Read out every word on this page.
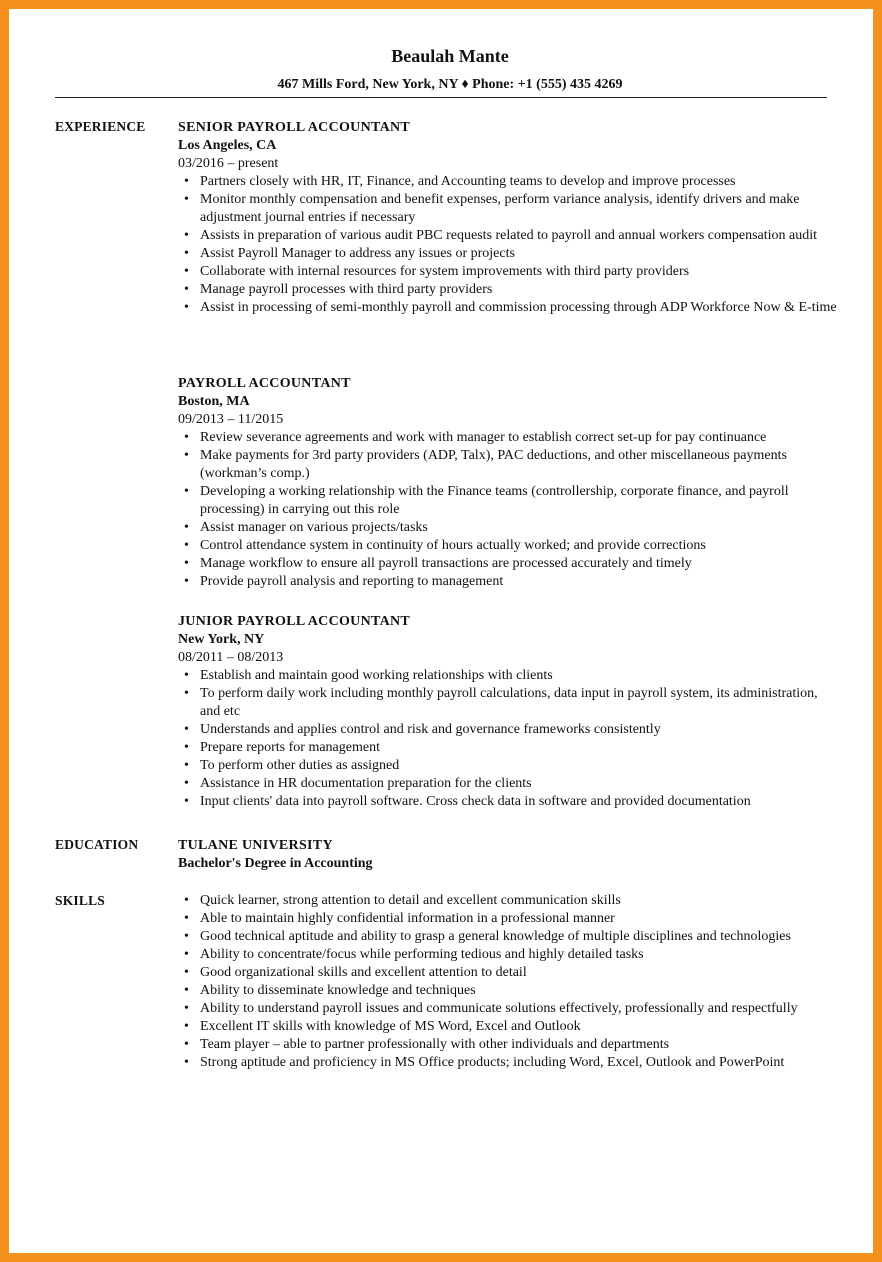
Beaulah Mante
467 Mills Ford, New York, NY ♦ Phone: +1 (555) 435 4269
EXPERIENCE SENIOR PAYROLL ACCOUNTANT
Los Angeles, CA
03/2016 – present
• Partners closely with HR, IT, Finance, and Accounting teams to develop and improve processes
• Monitor monthly compensation and benefit expenses, perform variance analysis, identify drivers and make adjustment journal entries if necessary
• Assists in preparation of various audit PBC requests related to payroll and annual workers compensation audit
• Assist Payroll Manager to address any issues or projects
• Collaborate with internal resources for system improvements with third party providers
• Manage payroll processes with third party providers
• Assist in processing of semi-monthly payroll and commission processing through ADP Workforce Now & E-time
PAYROLL ACCOUNTANT
Boston, MA
09/2013 – 11/2015
• Review severance agreements and work with manager to establish correct set-up for pay continuance
• Make payments for 3rd party providers (ADP, Talx), PAC deductions, and other miscellaneous payments (workman’s comp.)
• Developing a working relationship with the Finance teams (controllership, corporate finance, and payroll processing) in carrying out this role
• Assist manager on various projects/tasks
• Control attendance system in continuity of hours actually worked; and provide corrections
• Manage workflow to ensure all payroll transactions are processed accurately and timely
• Provide payroll analysis and reporting to management
JUNIOR PAYROLL ACCOUNTANT
New York, NY
08/2011 – 08/2013
• Establish and maintain good working relationships with clients
• To perform daily work including monthly payroll calculations, data input in payroll system, its administration, and etc
• Understands and applies control and risk and governance frameworks consistently
• Prepare reports for management
• To perform other duties as assigned
• Assistance in HR documentation preparation for the clients
• Input clients' data into payroll software. Cross check data in software and provided documentation
EDUCATION	TULANE UNIVERSITY
Bachelor's Degree in Accounting
SKILLS
•	Quick learner, strong attention to detail and excellent communication skills
• Able to maintain highly confidential information in a professional manner
• Good technical aptitude and ability to grasp a general knowledge of multiple disciplines and technologies
• Ability to concentrate/focus while performing tedious and highly detailed tasks
• Good organizational skills and excellent attention to detail
• Ability to disseminate knowledge and techniques
• Ability to understand payroll issues and communicate solutions effectively, professionally and respectfully
• Excellent IT skills with knowledge of MS Word, Excel and Outlook
• Team player – able to partner professionally with other individuals and departments
• Strong aptitude and proficiency in MS Office products; including Word, Excel, Outlook and PowerPoint
